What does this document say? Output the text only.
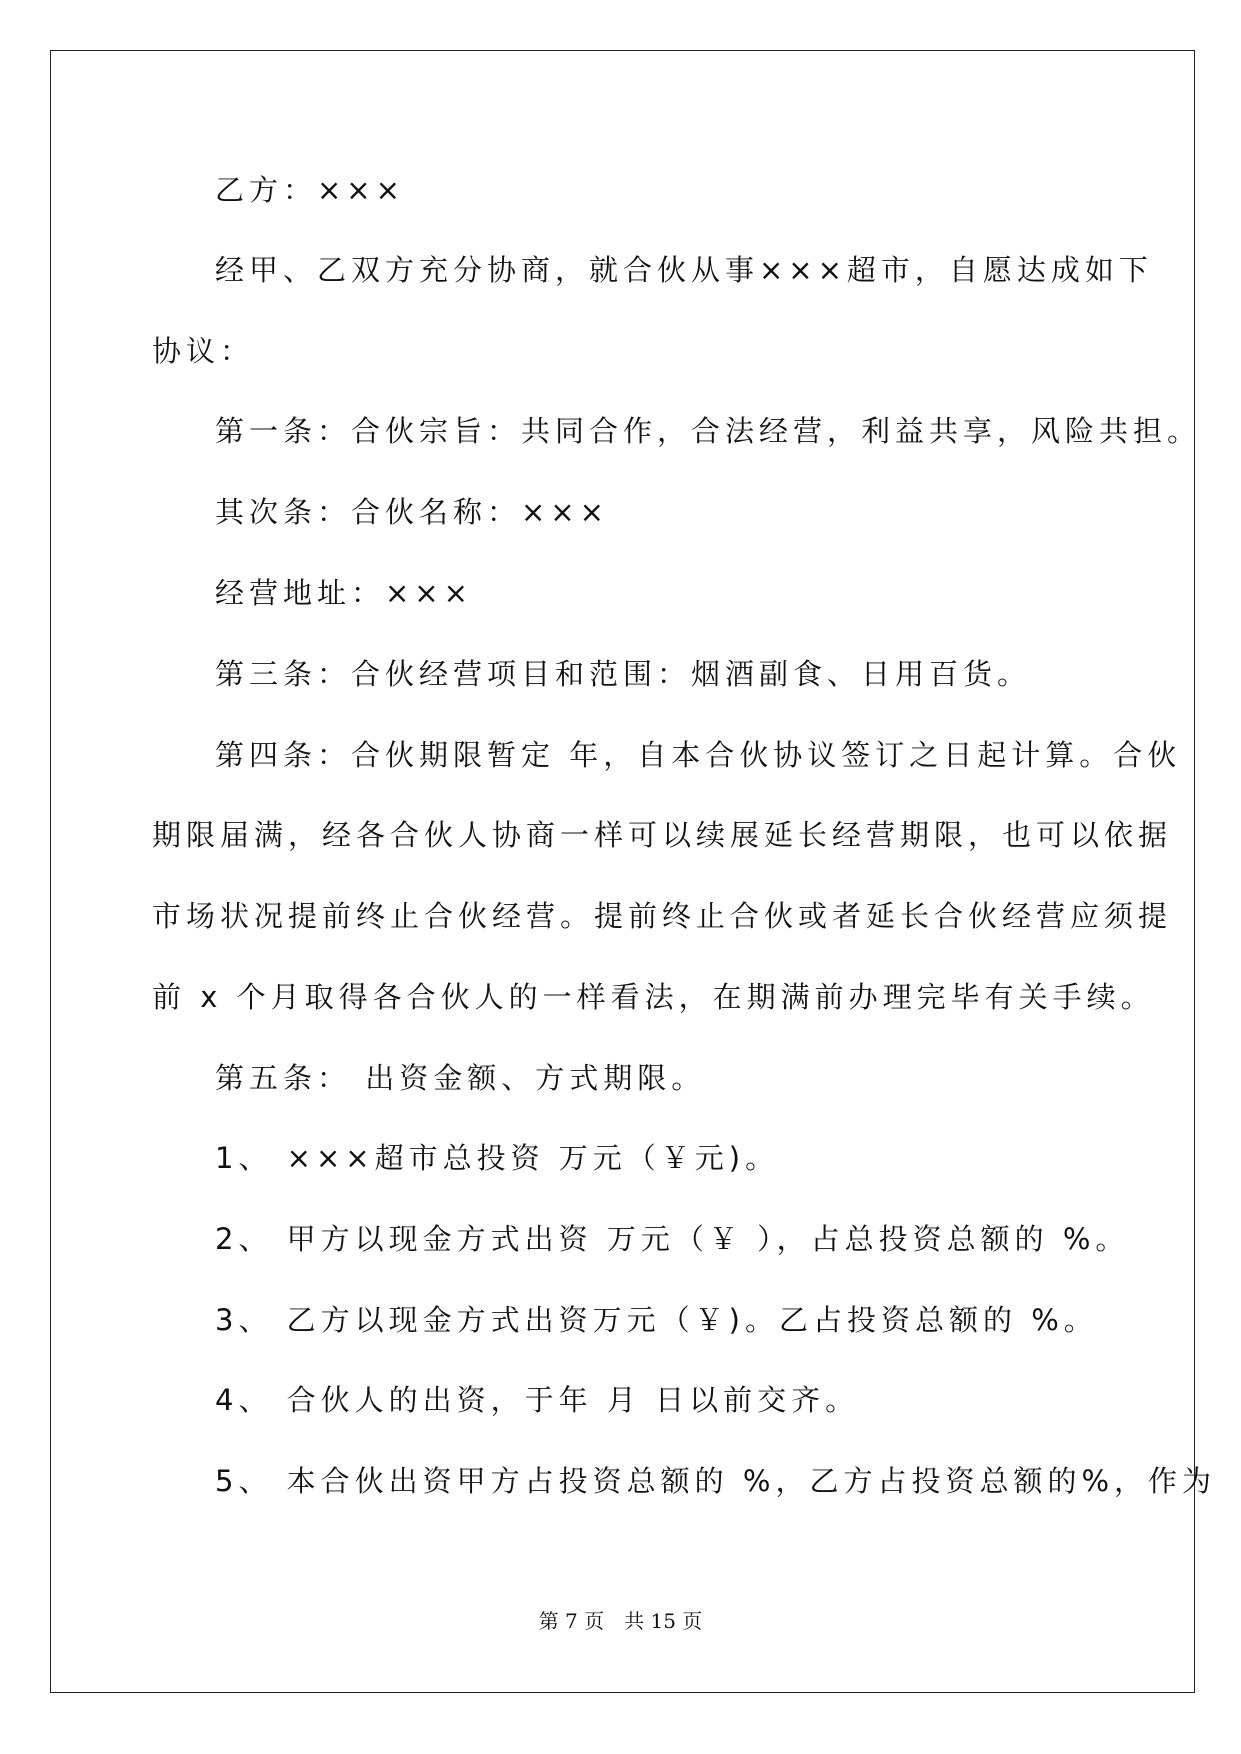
乙方：×××
经甲、乙双方充分协商，就合伙从事×××超市，自愿达成如下
协议：
第一条：合伙宗旨：共同合作，合法经营，利益共享，风险共担。
其次条：合伙名称：×××
经营地址：×××
第三条：合伙经营项目和范围：烟酒副食、日用百货。
第四条：合伙期限暂定 年，自本合伙协议签订之日起计算。合伙
期限届满，经各合伙人协商一样可以续展延长经营期限，也可以依据
市场状况提前终止合伙经营。提前终止合伙或者延长合伙经营应须提
前 x 个月取得各合伙人的一样看法，在期满前办理完毕有关手续。
第五条： 出资金额、方式期限。
1、 ×××超市总投资 万元（￥元)。
2、 甲方以现金方式出资 万元（￥ ），占总投资总额的 %。
3、 乙方以现金方式出资万元（￥)。乙占投资总额的 %。
4、 合伙人的出资，于年 月 日以前交齐。
5、 本合伙出资甲方占投资总额的 %，乙方占投资总额的%，作为
第 7 页　共 15 页
